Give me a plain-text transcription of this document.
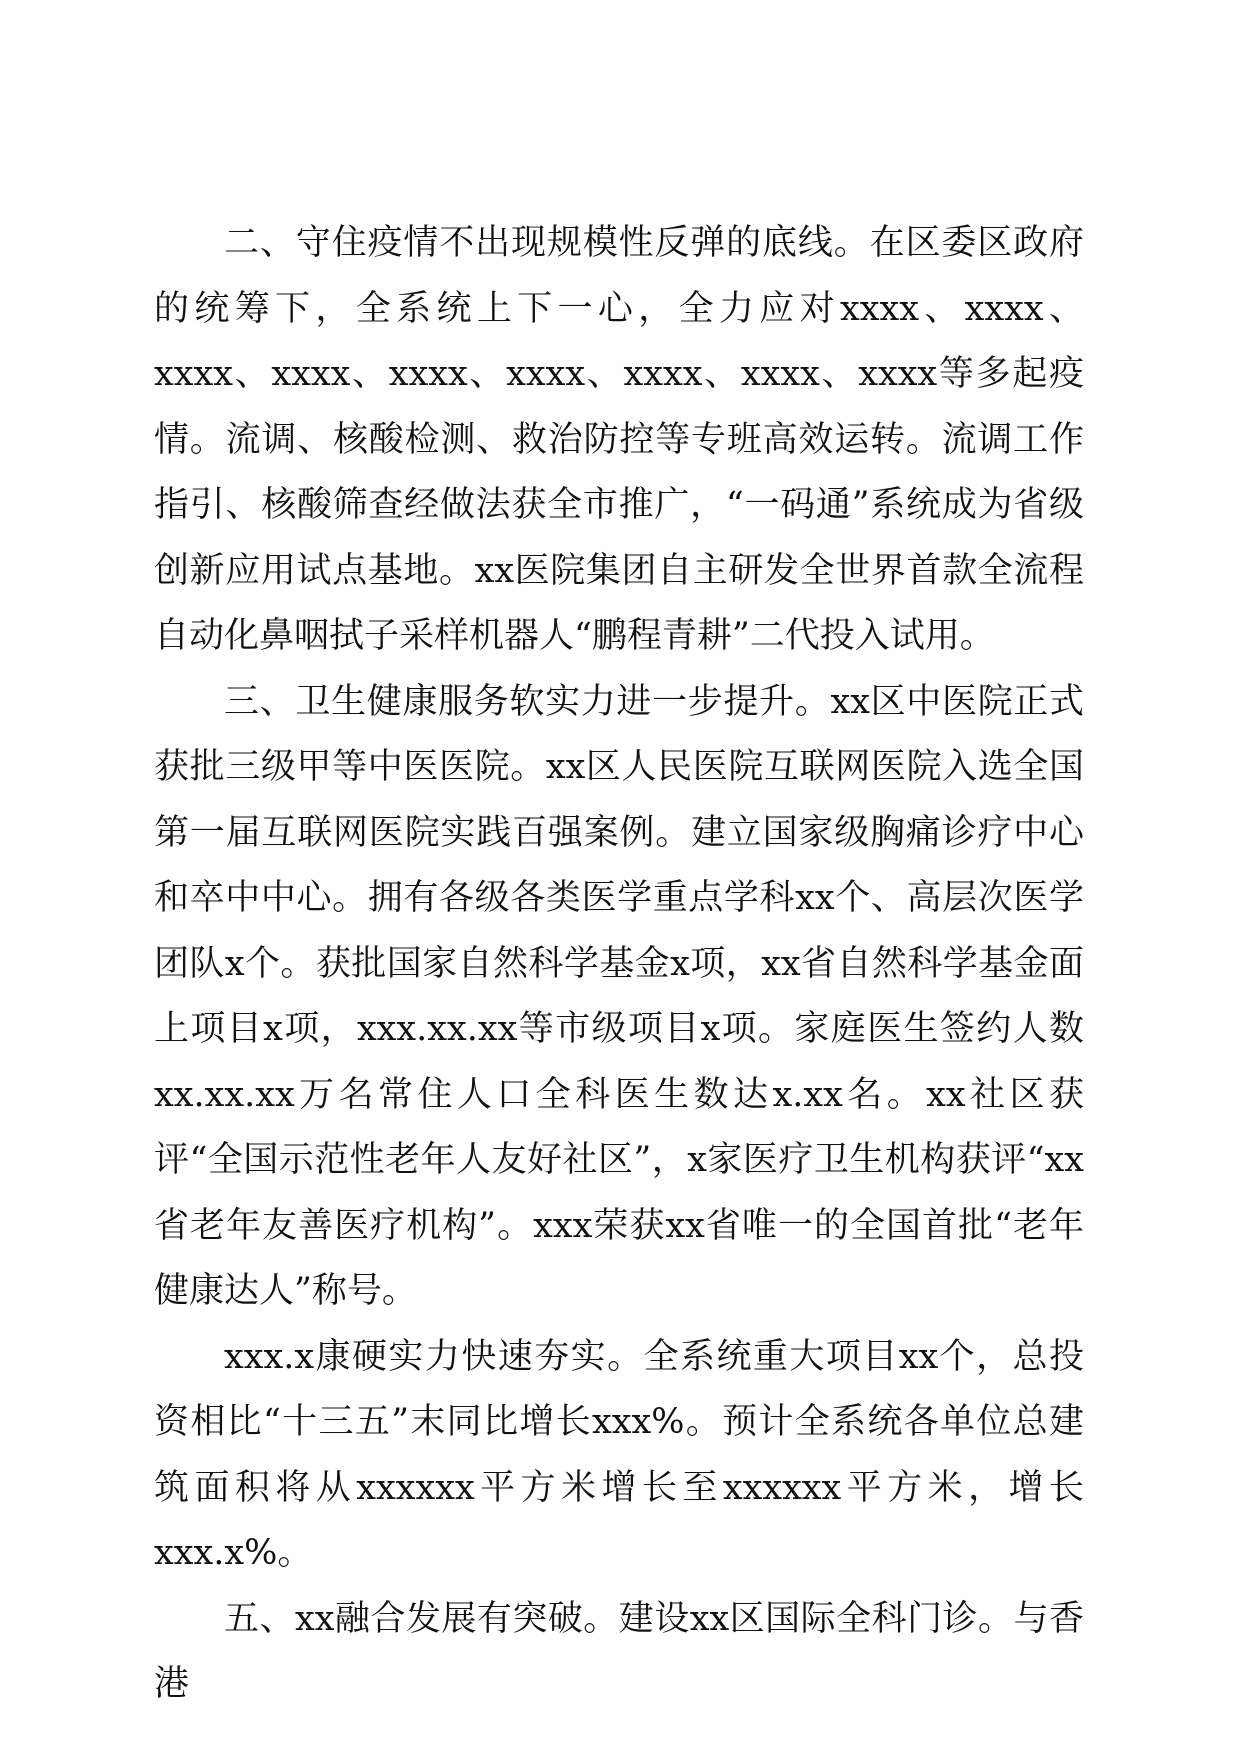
二、守住疫情不出现规模性反弹的底线。在区委区政府的统筹下，全系统上下一心，全力应对xxxx、xxxx、xxxx、xxxx、xxxx、xxxx、xxxx、xxxx、xxxx等多起疫情。流调、核酸检测、救治防控等专班高效运转。流调工作指引、核酸筛查经做法获全市推广，“一码通”系统成为省级创新应用试点基地。xx医院集团自主研发全世界首款全流程自动化鼻咽拭子采样机器人“鹏程青耕”二代投入试用。

三、卫生健康服务软实力进一步提升。xx区中医院正式获批三级甲等中医医院。xx区人民医院互联网医院入选全国第一届互联网医院实践百强案例。建立国家级胸痛诊疗中心和卒中中心。拥有各级各类医学重点学科xx个、高层次医学团队x个。获批国家自然科学基金x项，xx省自然科学基金面上项目x项，xxx.xx.xx等市级项目x项。家庭医生签约人数xx.xx.xx万名常住人口全科医生数达x.xx名。xx社区获评“全国示范性老年人友好社区”，x家医疗卫生机构获评“xx省老年友善医疗机构”。xxx荣获xx省唯一的全国首批“老年健康达人”称号。

xxx.x康硬实力快速夯实。全系统重大项目xx个，总投资相比“十三五”末同比增长xxx%。预计全系统各单位总建筑面积将从xxxxxx平方米增长至xxxxxx平方米，增长xxx.x%。

五、xx融合发展有突破。建设xx区国际全科门诊。与香港
